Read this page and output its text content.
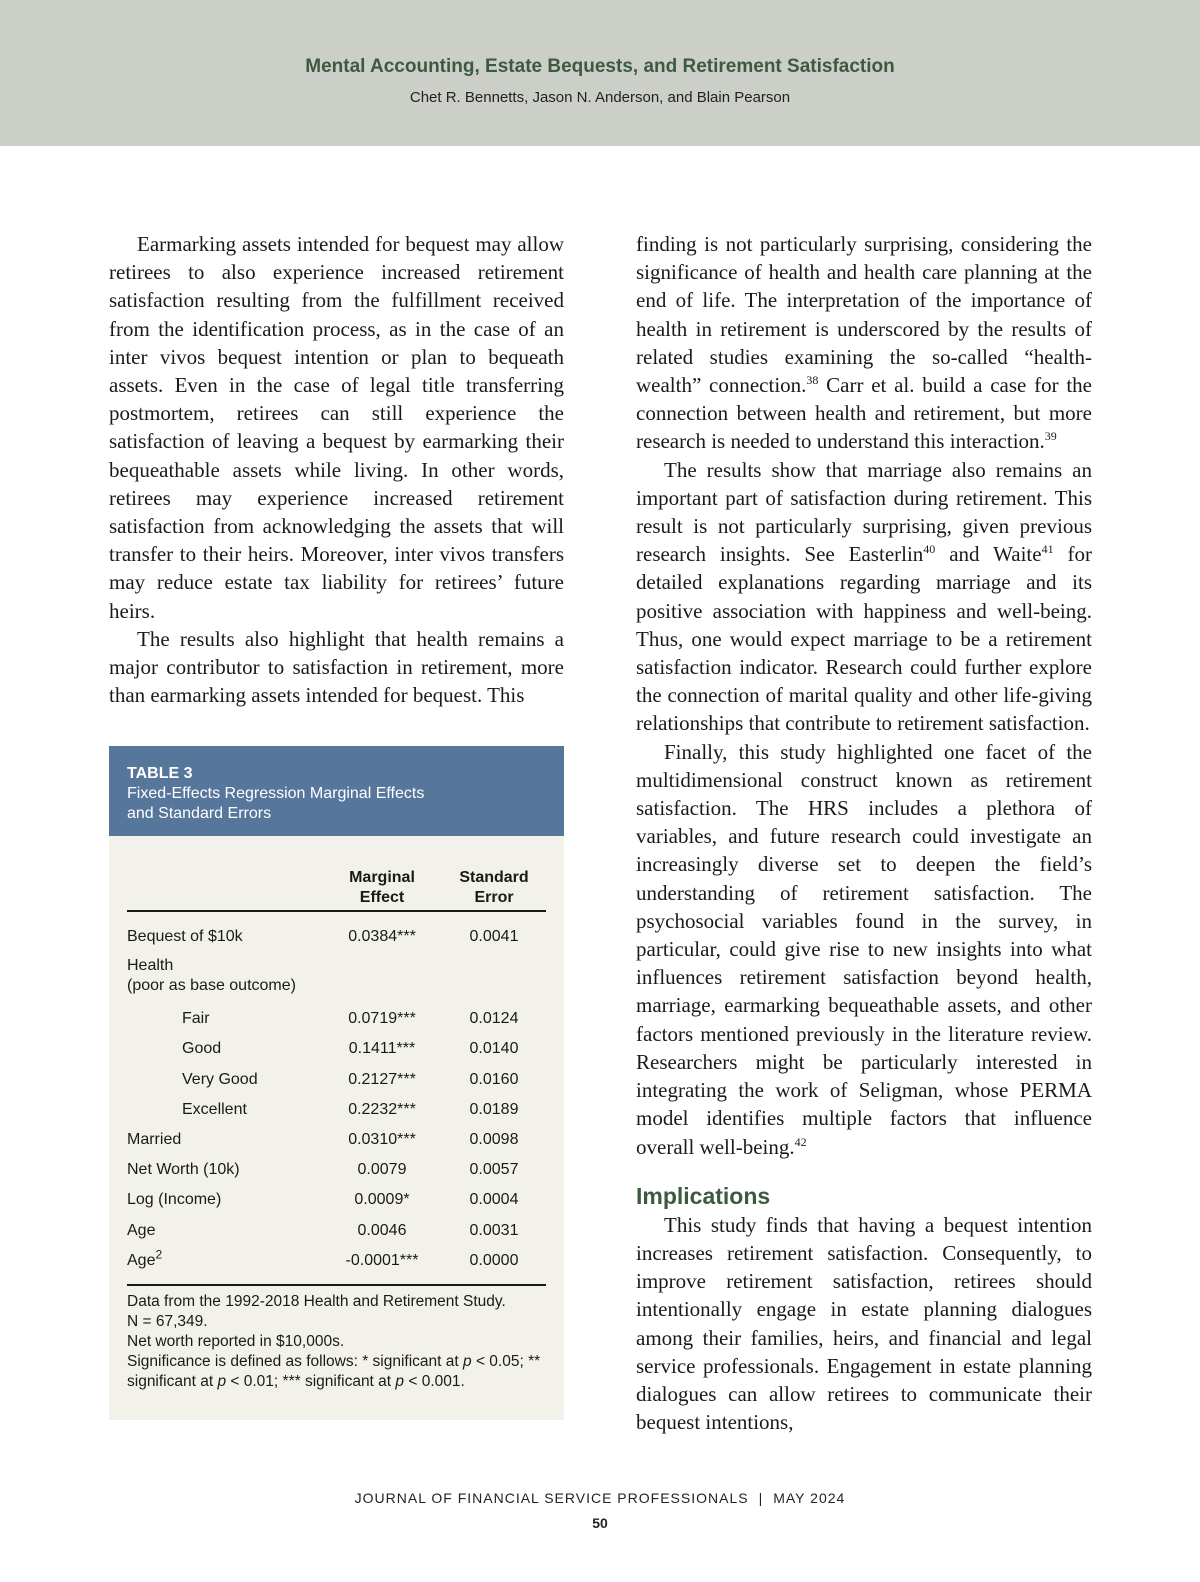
Mental Accounting, Estate Bequests, and Retirement Satisfaction
Chet R. Bennetts, Jason N. Anderson, and Blain Pearson

Earmarking assets intended for bequest may allow retirees to also experience increased retirement satisfaction resulting from the fulfillment received from the identification process, as in the case of an inter vivos bequest intention or plan to bequeath assets. Even in the case of legal title transferring postmortem, retirees can still experience the satisfaction of leaving a bequest by earmarking their bequeathable assets while living. In other words, retirees may experience increased retirement satisfaction from acknowledging the assets that will transfer to their heirs. Moreover, inter vivos transfers may reduce estate tax liability for retirees’ future heirs.

The results also highlight that health remains a major contributor to satisfaction in retirement, more than earmarking assets intended for bequest. This

TABLE 3
Fixed-Effects Regression Marginal Effects
and Standard Errors
Marginal
Effect
Standard
Error
Bequest of $10k	0.0384***	0.0041
Health
(poor as base outcome)
Fair	0.0719***	0.0124
Good	0.1411***	0.0140
Very Good	0.2127***	0.0160
Excellent	0.2232***	0.0189
Married	0.0310***	0.0098
Net Worth (10k)	0.0079	0.0057
Log (Income)	0.0009*	0.0004
Age	0.0046	0.0031
Age$^2$	-0.0001***	0.0000
Data from the 1992-2018 Health and Retirement Study.
N = 67,349.
Net worth reported in $10,000s.
Significance is defined as follows: * significant at p < 0.05; ** significant at p < 0.01; *** significant at p < 0.001.

finding is not particularly surprising, considering the significance of health and health care planning at the end of life. The interpretation of the importance of health in retirement is underscored by the results of related studies examining the so-called “health-wealth” connection.$^{38}$ Carr et al. build a case for the connection between health and retirement, but more research is needed to understand this interaction.$^{39}$

The results show that marriage also remains an important part of satisfaction during retirement. This result is not particularly surprising, given previous research insights. See Easterlin$^{40}$ and Waite$^{41}$ for detailed explanations regarding marriage and its positive association with happiness and well-being. Thus, one would expect marriage to be a retirement satisfaction indicator. Research could further explore the connection of marital quality and other life-giving relationships that contribute to retirement satisfaction.

Finally, this study highlighted one facet of the multidimensional construct known as retirement satisfaction. The HRS includes a plethora of variables, and future research could investigate an increasingly diverse set to deepen the field’s understanding of retirement satisfaction. The psychosocial variables found in the survey, in particular, could give rise to new insights into what influences retirement satisfaction beyond health, marriage, earmarking bequeathable assets, and other factors mentioned previously in the literature review. Researchers might be particularly interested in integrating the work of Seligman, whose PERMA model identifies multiple factors that influence overall well-being.$^{42}$

Implications

This study finds that having a bequest intention increases retirement satisfaction. Consequently, to improve retirement satisfaction, retirees should intentionally engage in estate planning dialogues among their families, heirs, and financial and legal service professionals. Engagement in estate planning dialogues can allow retirees to communicate their bequest intentions,

JOURNAL OF FINANCIAL SERVICE PROFESSIONALS | MAY 2024
50
